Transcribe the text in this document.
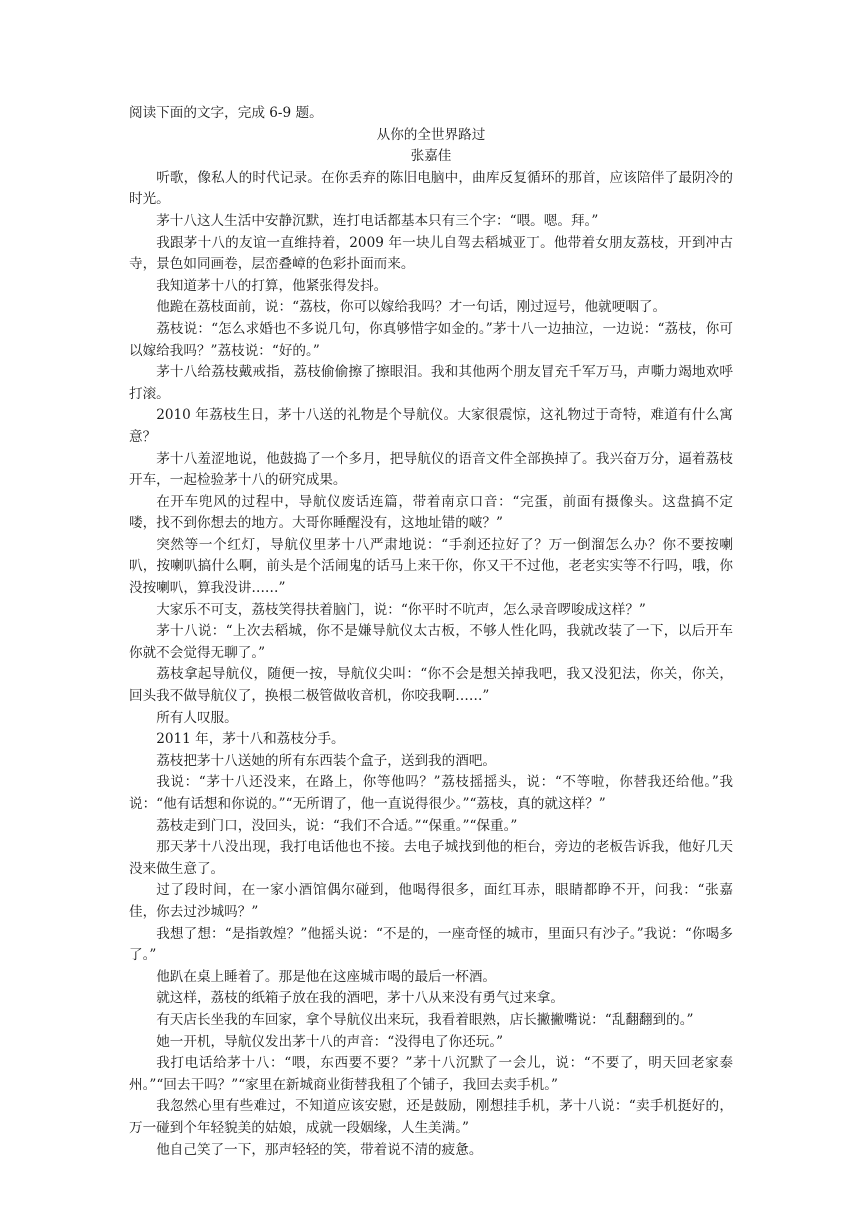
阅读下面的文字，完成 6-9 题。

从你的全世界路过

张嘉佳

听歌，像私人的时代记录。在你丢弃的陈旧电脑中，曲库反复循环的那首，应该陪伴了最阴冷的时光。

茅十八这人生活中安静沉默，连打电话都基本只有三个字：“喂。嗯。拜。”

我跟茅十八的友谊一直维持着，2009 年一块儿自驾去稻城亚丁。他带着女朋友荔枝，开到冲古寺，景色如同画卷，层峦叠嶂的色彩扑面而来。

我知道茅十八的打算，他紧张得发抖。

他跪在荔枝面前，说：“荔枝，你可以嫁给我吗？才一句话，刚过逗号，他就哽咽了。

荔枝说：“怎么求婚也不多说几句，你真够惜字如金的。”茅十八一边抽泣，一边说：“荔枝，你可以嫁给我吗？”荔枝说：“好的。”

茅十八给荔枝戴戒指，荔枝偷偷擦了擦眼泪。我和其他两个朋友冒充千军万马，声嘶力竭地欢呼打滚。

2010 年荔枝生日，茅十八送的礼物是个导航仪。大家很震惊，这礼物过于奇特，难道有什么寓意？

茅十八羞涩地说，他鼓捣了一个多月，把导航仪的语音文件全部换掉了。我兴奋万分，逼着荔枝开车，一起检验茅十八的研究成果。

在开车兜风的过程中，导航仪废话连篇，带着南京口音：“完蛋，前面有摄像头。这盘搞不定喽，找不到你想去的地方。大哥你睡醒没有，这地址错的啵？”

突然等一个红灯，导航仪里茅十八严肃地说：“手刹还拉好了？万一倒溜怎么办？你不要按喇叭，按喇叭搞什么啊，前头是个活闹鬼的话马上来干你，你又干不过他，老老实实等不行吗，哦，你没按喇叭，算我没讲……”

大家乐不可支，荔枝笑得扶着脑门，说：“你平时不吭声，怎么录音啰唆成这样？”

茅十八说：“上次去稻城，你不是嫌导航仪太古板，不够人性化吗，我就改装了一下，以后开车你就不会觉得无聊了。”

荔枝拿起导航仪，随便一按，导航仪尖叫：“你不会是想关掉我吧，我又没犯法，你关，你关，回头我不做导航仪了，换根二极管做收音机，你咬我啊……”

所有人叹服。

2011 年，茅十八和荔枝分手。

荔枝把茅十八送她的所有东西装个盒子，送到我的酒吧。

我说：“茅十八还没来，在路上，你等他吗？”荔枝摇摇头，说：“不等啦，你替我还给他。”我说：“他有话想和你说的。”“无所谓了，他一直说得很少。”“荔枝，真的就这样？”

荔枝走到门口，没回头，说：“我们不合适。”“保重。”“保重。”

那天茅十八没出现，我打电话他也不接。去电子城找到他的柜台，旁边的老板告诉我，他好几天没来做生意了。

过了段时间，在一家小酒馆偶尔碰到，他喝得很多，面红耳赤，眼睛都睁不开，问我：“张嘉佳，你去过沙城吗？”

我想了想：“是指敦煌？”他摇头说：“不是的，一座奇怪的城市，里面只有沙子。”我说：“你喝多了。”

他趴在桌上睡着了。那是他在这座城市喝的最后一杯酒。

就这样，荔枝的纸箱子放在我的酒吧，茅十八从来没有勇气过来拿。

有天店长坐我的车回家，拿个导航仪出来玩，我看着眼熟，店长撇撇嘴说：“乱翻翻到的。”

她一开机，导航仪发出茅十八的声音：“没得电了你还玩。”

我打电话给茅十八：“喂，东西要不要？”茅十八沉默了一会儿，说：“不要了，明天回老家泰州。”“回去干吗？”“家里在新城商业街替我租了个铺子，我回去卖手机。”

我忽然心里有些难过，不知道应该安慰，还是鼓励，刚想挂手机，茅十八说：“卖手机挺好的，万一碰到个年轻貌美的姑娘，成就一段姻缘，人生美满。”

他自己笑了一下，那声轻轻的笑，带着说不清的疲惫。
